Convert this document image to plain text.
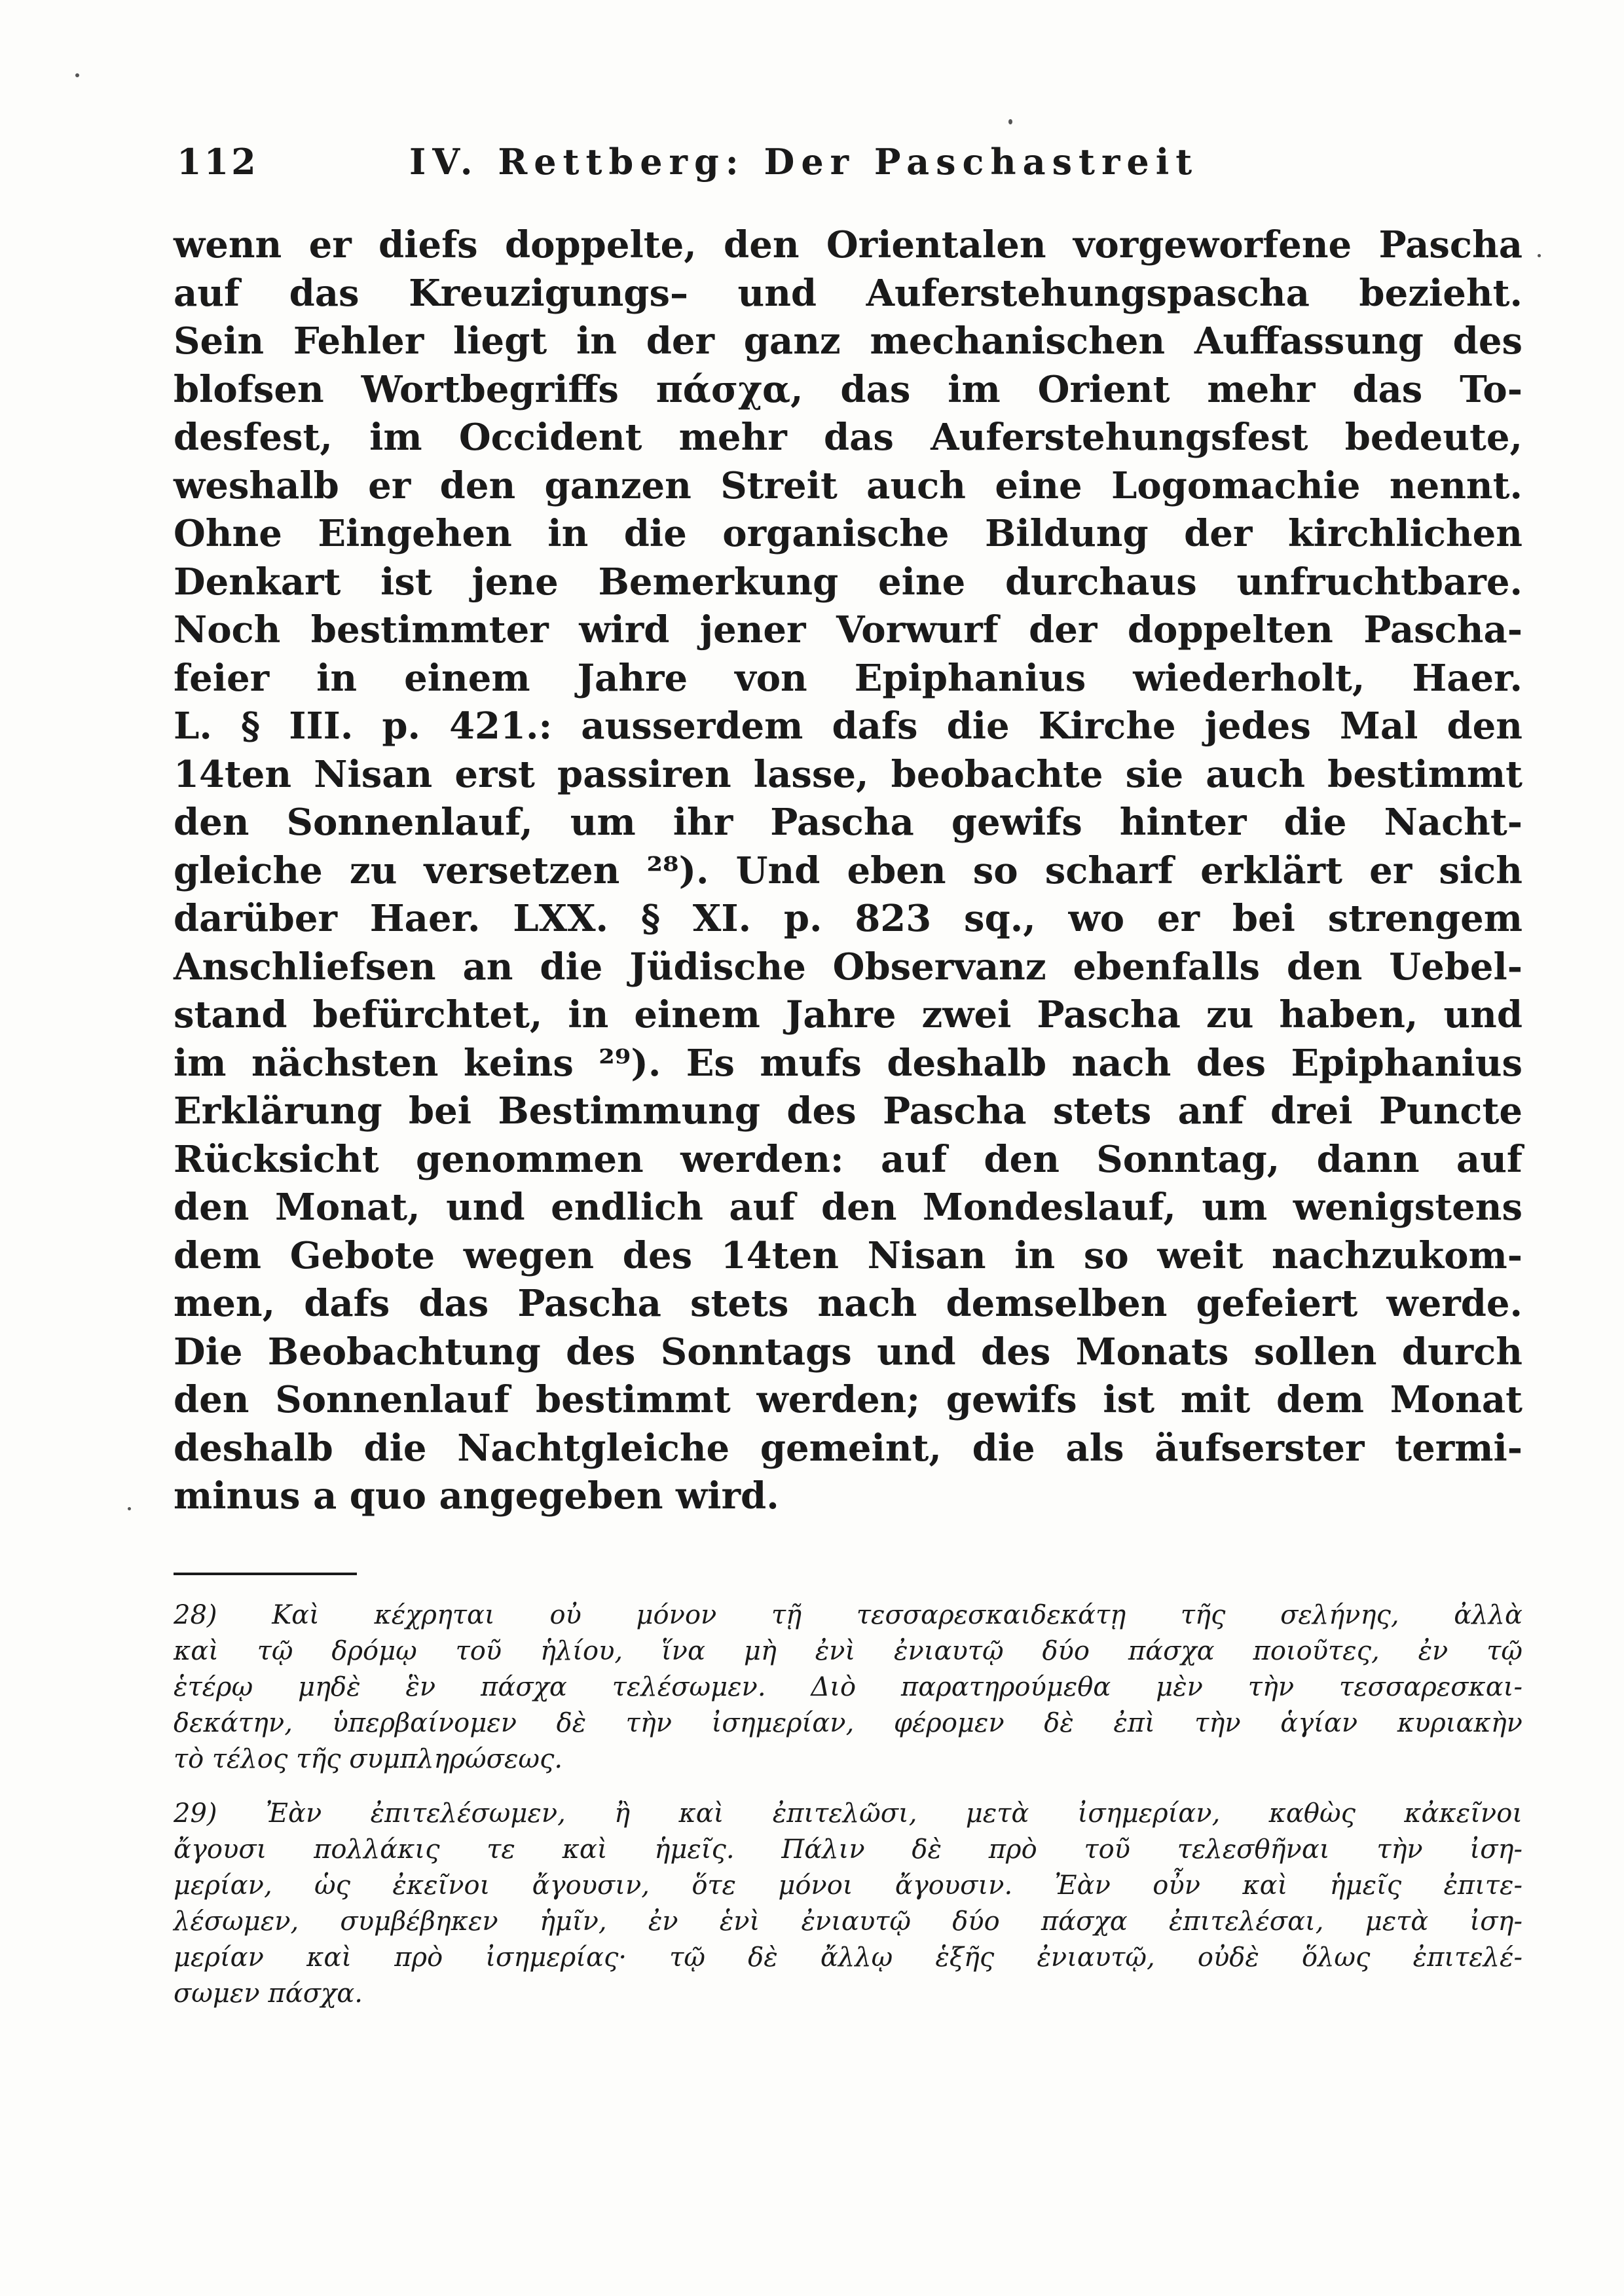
112	IV. Rettberg: Der Paschastreit
wenn er diefs doppelte, den Orientalen vorgeworfene Pascha
auf das Kreuzigungs– und Auferstehungspascha bezieht.
Sein Fehler liegt in der ganz mechanischen Auffassung des
blofsen Wortbegriffs πάσχα, das im Orient mehr das To-
desfest, im Occident mehr das Auferstehungsfest bedeute,
weshalb er den ganzen Streit auch eine Logomachie nennt.
Ohne Eingehen in die organische Bildung der kirchlichen
Denkart ist jene Bemerkung eine durchaus unfruchtbare.
Noch bestimmter wird jener Vorwurf der doppelten Pascha-
feier in einem Jahre von Epiphanius wiederholt, Haer.
L. § III. p. 421.: ausserdem dafs die Kirche jedes Mal den
14ten Nisan erst passiren lasse, beobachte sie auch bestimmt
den Sonnenlauf, um ihr Pascha gewifs hinter die Nacht-
gleiche zu versetzen ²⁸). Und eben so scharf erklärt er sich
darüber Haer. LXX. § XI. p. 823 sq., wo er bei strengem
Anschliefsen an die Jüdische Observanz ebenfalls den Uebel-
stand befürchtet, in einem Jahre zwei Pascha zu haben, und
im nächsten keins ²⁹). Es mufs deshalb nach des Epiphanius
Erklärung bei Bestimmung des Pascha stets anf drei Puncte
Rücksicht genommen werden: auf den Sonntag, dann auf
den Monat, und endlich auf den Mondeslauf, um wenigstens
dem Gebote wegen des 14ten Nisan in so weit nachzukom-
men, dafs das Pascha stets nach demselben gefeiert werde.
Die Beobachtung des Sonntags und des Monats sollen durch
den Sonnenlauf bestimmt werden; gewifs ist mit dem Monat
deshalb die Nachtgleiche gemeint, die als äufserster termi-
minus a quo angegeben wird.
28) Καὶ κέχρηται οὐ μόνον τῇ τεσσαρεσκαιδεκάτῃ τῆς σελήνης, ἀλλὰ
καὶ τῷ δρόμῳ τοῦ ἡλίου, ἵνα μὴ ἐνὶ ἐνιαυτῷ δύο πάσχα ποιοῦτες, ἐν τῷ
ἑτέρῳ μηδὲ ἓν πάσχα τελέσωμεν. Διὸ παρατηρούμεθα μὲν τὴν τεσσαρεσκαι-
δεκάτην, ὑπερβαίνομεν δὲ τὴν ἰσημερίαν, φέρομεν δὲ ἐπὶ τὴν ἁγίαν κυριακὴν
τὸ τέλος τῆς συμπληρώσεως.
29) Ἐὰν ἐπιτελέσωμεν, ἢ καὶ ἐπιτελῶσι, μετὰ ἰσημερίαν, καθὼς κἀκεῖνοι
ἄγουσι πολλάκις τε καὶ ἡμεῖς. Πάλιν δὲ πρὸ τοῦ τελεσθῆναι τὴν ἰση-
μερίαν, ὡς ἐκεῖνοι ἄγουσιν, ὅτε μόνοι ἄγουσιν. Ἐὰν οὖν καὶ ἡμεῖς ἐπιτε-
λέσωμεν, συμβέβηκεν ἡμῖν, ἐν ἑνὶ ἐνιαυτῷ δύο πάσχα ἐπιτελέσαι, μετὰ ἰση-
μερίαν καὶ πρὸ ἰσημερίας· τῷ δὲ ἄλλῳ ἑξῆς ἐνιαυτῷ, οὐδὲ ὅλως ἐπιτελέ-
σωμεν πάσχα.
